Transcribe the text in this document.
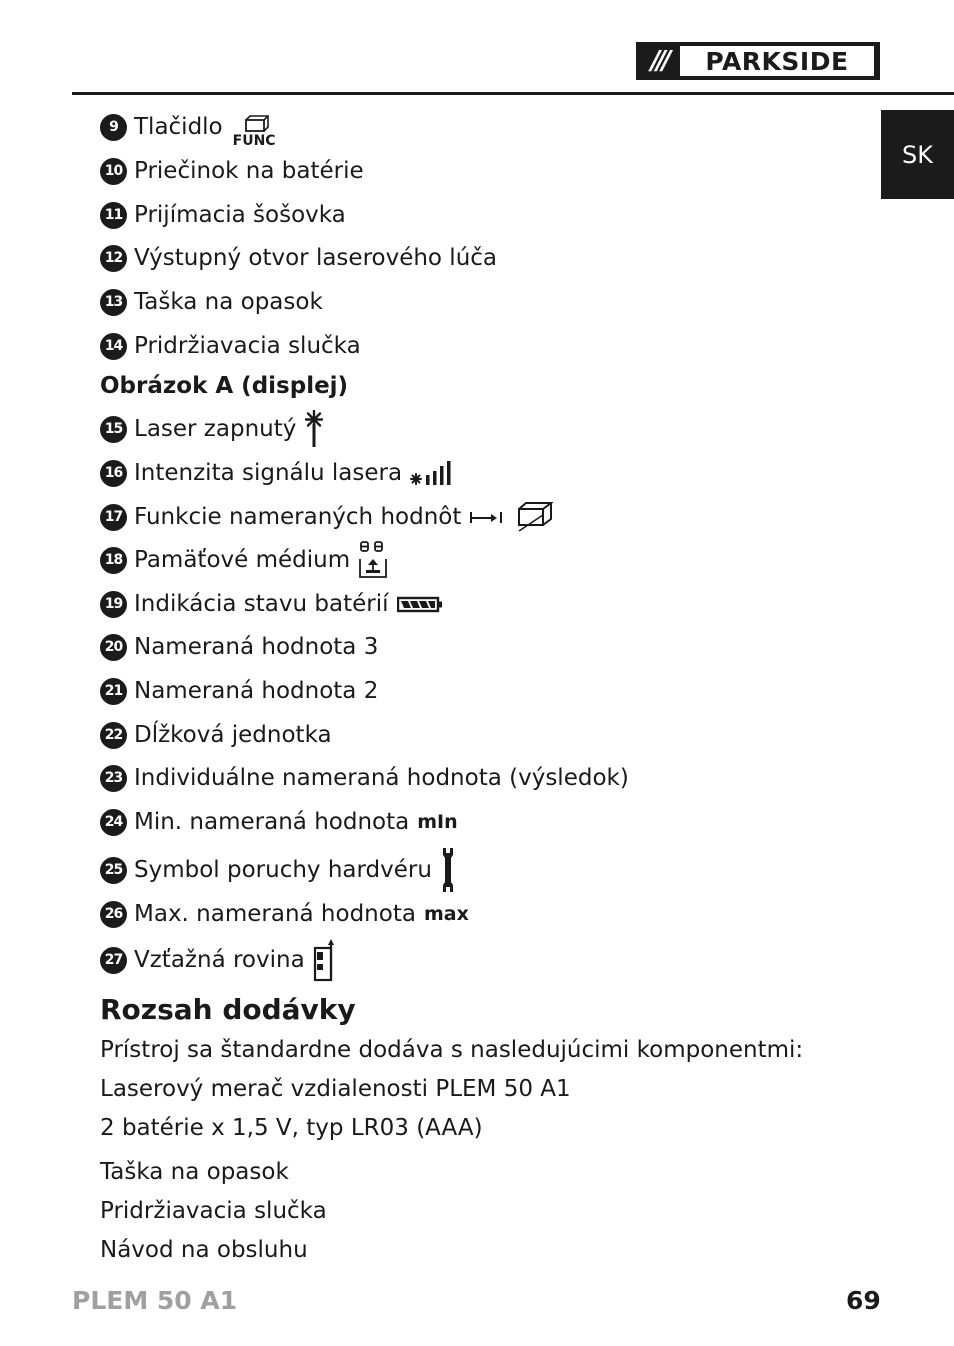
///	PARKSIDE
SK
9 Tlačidlo
FUNC
10 Priečinok na batérie
11 Prijímacia šošovka
12 Výstupný otvor laserového lúča
13 Taška na opasok
14 Pridržiavacia slučka
Obrázok A (displej)
15 Laser zapnutý
16 Intenzita signálu lasera
17 Funkcie nameraných hodnôt
18 Pamäťové médium
19 Indikácia stavu batérií
20 Nameraná hodnota 3
21 Nameraná hodnota 2
22 Dĺžková jednotka
23 Individuálne nameraná hodnota (výsledok)
24 Min. nameraná hodnota mIn
25 Symbol poruchy hardvéru
26 Max. nameraná hodnota max
27 Vzťažná rovina
Rozsah dodávky
Prístroj sa štandardne dodáva s nasledujúcimi komponentmi:
Laserový merač vzdialenosti PLEM 50 A1
2 batérie x 1,5 V, typ LR03 (AAA)
Taška na opasok
Pridržiavacia slučka
Návod na obsluhu
PLEM 50 A1	69
